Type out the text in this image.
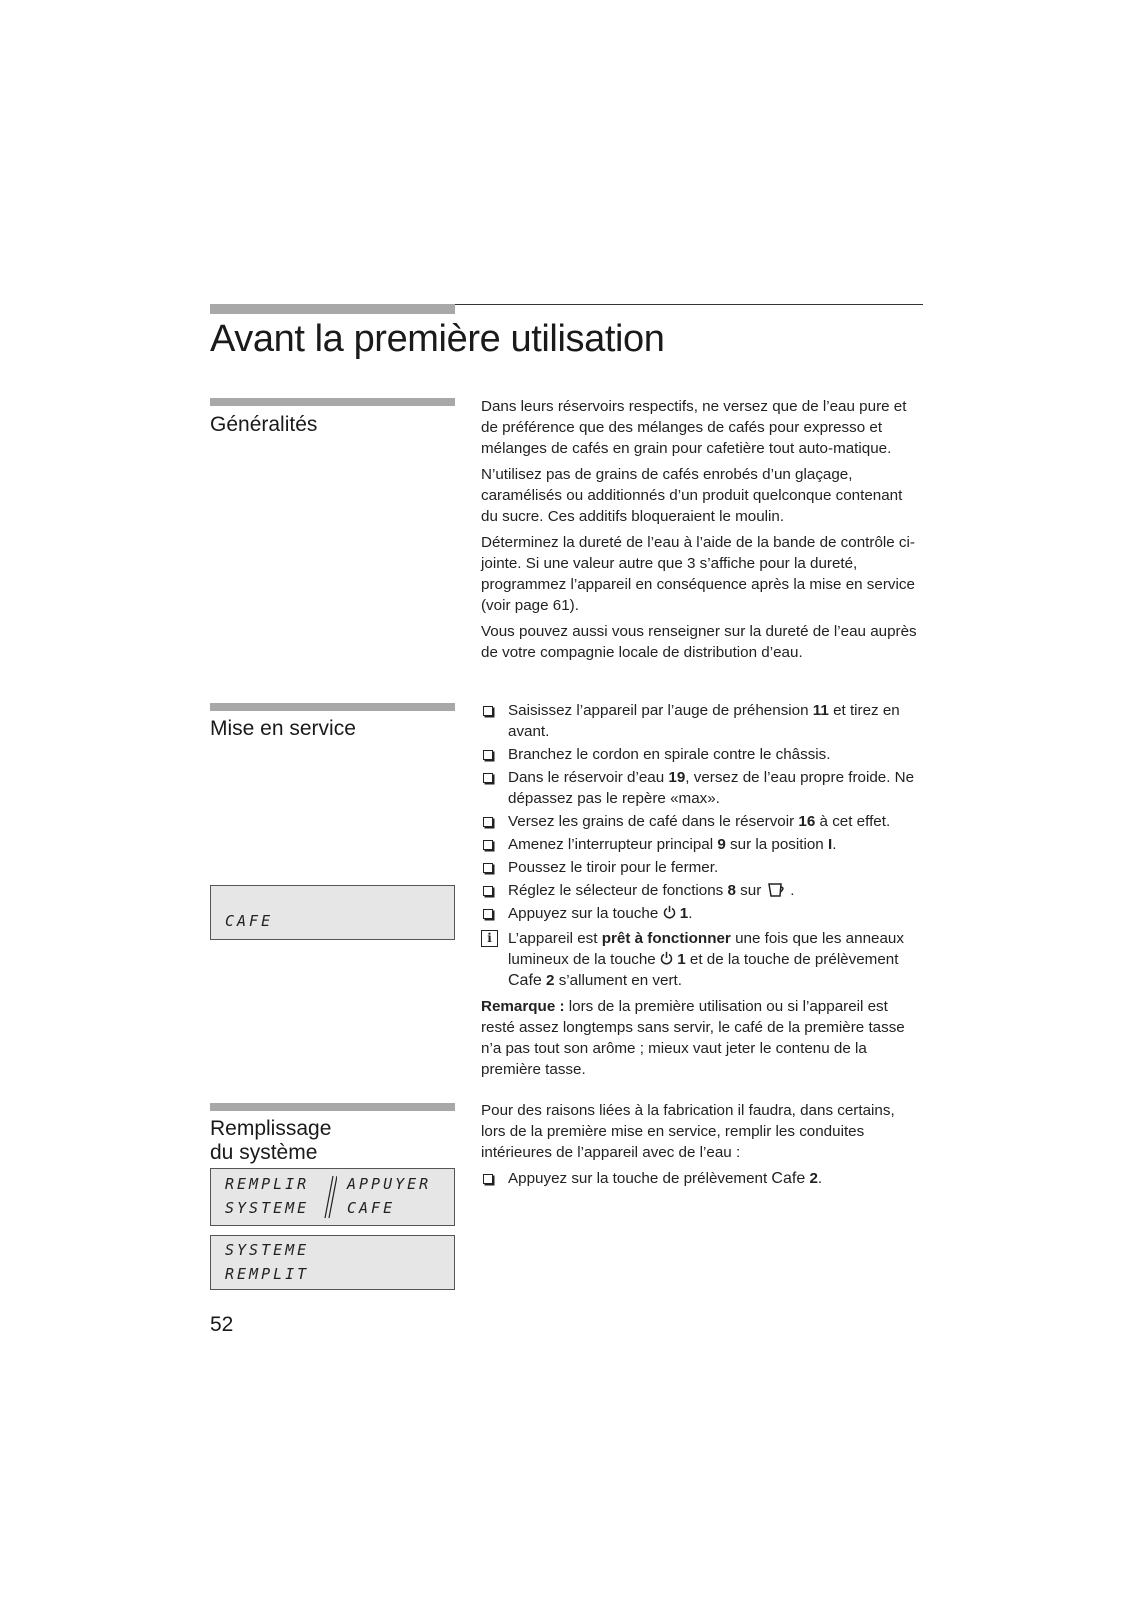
Avant la première utilisation
Généralités

Dans leurs réservoirs respectifs, ne versez que de l’eau pure et de préférence que des mélanges de cafés pour expresso et mélanges de cafés en grain pour cafetière tout auto-matique.

N’utilisez pas de grains de cafés enrobés d’un glaçage, caramélisés ou additionnés d’un produit quelconque contenant du sucre. Ces additifs bloqueraient le moulin.

Déterminez la dureté de l’eau à l’aide de la bande de contrôle ci-jointe. Si une valeur autre que 3 s’affiche pour la dureté, programmez l’appareil en conséquence après la mise en service (voir page 61).

Vous pouvez aussi vous renseigner sur la dureté de l’eau auprès de votre compagnie locale de distribution d’eau.

Mise en service
CAFE
Saisissez l’appareil par l’auge de préhension 11 et tirez en avant.
Branchez le cordon en spirale contre le châssis.
Dans le réservoir d’eau 19, versez de l’eau propre froide. Ne dépassez pas le repère «max».
Versez les grains de café dans le réservoir 16 à cet effet.
Amenez l’interrupteur principal 9 sur la position I.
Poussez le tiroir pour le fermer.
Réglez le sélecteur de fonctions 8 sur .
Appuyez sur la touche  1.
i	L’appareil est prêt à fonctionner une fois que les anneaux lumineux de la touche  1 et de la touche de prélèvement Cafe 2 s’allument en vert.

Remarque : lors de la première utilisation ou si l’appareil est resté assez longtemps sans servir, le café de la première tasse n’a pas tout son arôme ; mieux vaut jeter le contenu de la première tasse.

Remplissage
du système
REMPLIR
SYSTEME
APPUYER
CAFE
SYSTEME
REMPLIT

Pour des raisons liées à la fabrication il faudra, dans certains, lors de la première mise en service, remplir les conduites intérieures de l’appareil avec de l’eau :

Appuyez sur la touche de prélèvement Cafe 2.
52
